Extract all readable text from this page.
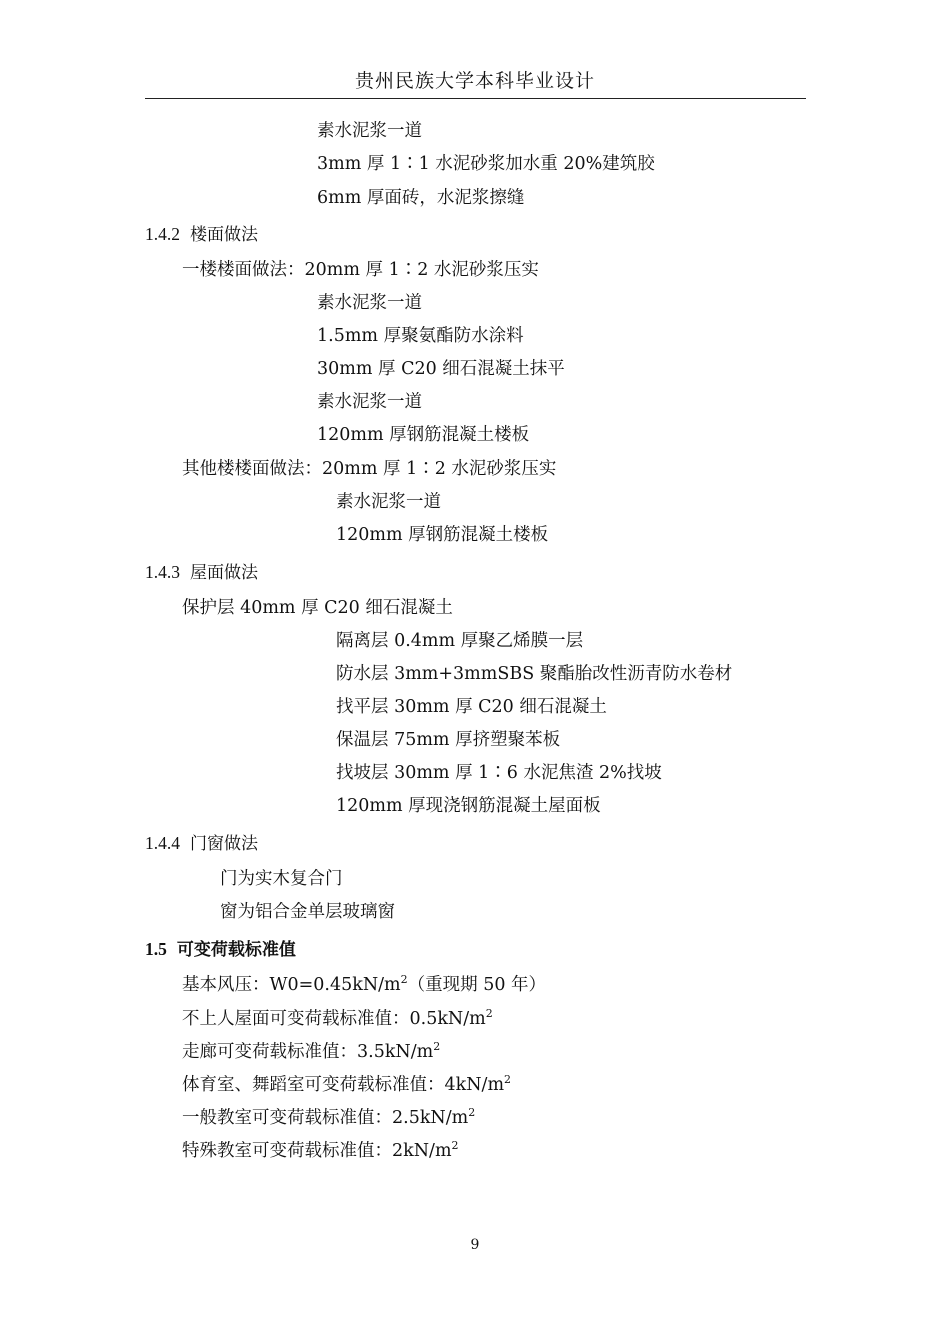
贵州民族大学本科毕业设计
素水泥浆一道
3mm 厚 1∶1 水泥砂浆加水重 20%建筑胶
6mm 厚面砖，水泥浆擦缝
1.4.2 楼面做法
一楼楼面做法：20mm 厚 1∶2 水泥砂浆压实
素水泥浆一道
1.5mm 厚聚氨酯防水涂料
30mm 厚 C20 细石混凝土抹平
素水泥浆一道
120mm 厚钢筋混凝土楼板
其他楼楼面做法：20mm 厚 1∶2 水泥砂浆压实
素水泥浆一道
120mm 厚钢筋混凝土楼板
1.4.3 屋面做法
保护层 40mm 厚 C20 细石混凝土
隔离层 0.4mm 厚聚乙烯膜一层
防水层 3mm+3mmSBS 聚酯胎改性沥青防水卷材
找平层 30mm 厚 C20 细石混凝土
保温层 75mm 厚挤塑聚苯板
找坡层 30mm 厚 1∶6 水泥焦渣 2%找坡
120mm 厚现浇钢筋混凝土屋面板
1.4.4 门窗做法
门为实木复合门
窗为铝合金单层玻璃窗
1.5 可变荷载标准值
基本风压：$W0=0.45kN/m^2$（重现期 50 年）
不上人屋面可变荷载标准值：$0.5kN/m^2$
走廊可变荷载标准值：$3.5kN/m^2$
体育室、舞蹈室可变荷载标准值：$4kN/m^2$
一般教室可变荷载标准值：$2.5kN/m^2$
特殊教室可变荷载标准值：$2kN/m^2$
9
